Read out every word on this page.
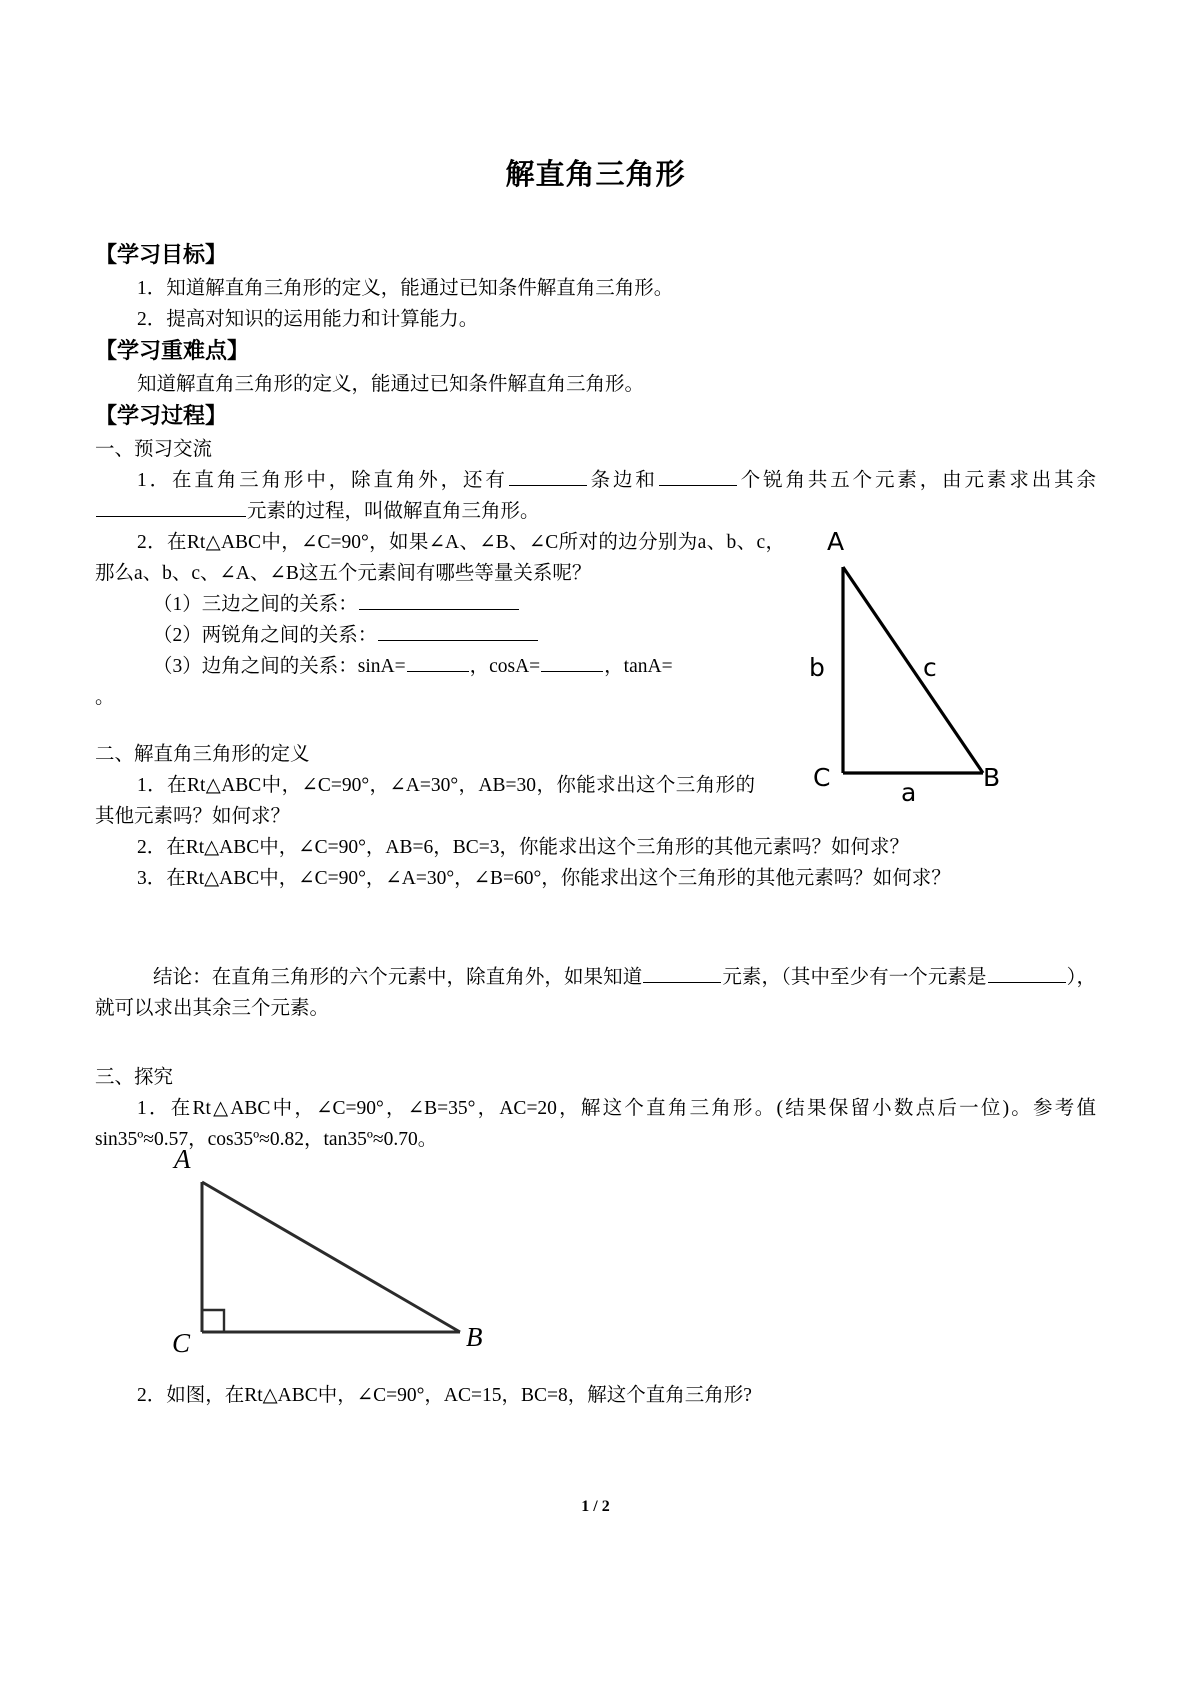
解直角三角形
【学习目标】

1．知道解直角三角形的定义，能通过已知条件解直角三角形。

2．提高对知识的运用能力和计算能力。

【学习重难点】

知道解直角三角形的定义，能通过已知条件解直角三角形。

【学习过程】

一、预习交流

1．在直角三角形中，除直角外，还有	条边和	个锐角共五个元素，由元素求出其余元素的过程，叫做解直角三角形。

2．在Rt△ABC中，∠C=90°，如果∠A、∠B、∠C所对的边分别为a、b、c，那么a、b、c、∠A、∠B这五个元素间有哪些等量关系呢？

（1）三边之间的关系：

（2）两锐角之间的关系：

（3）边角之间的关系：sinA=	，cosA=	，tanA=

。

二、解直角三角形的定义

1．在Rt△ABC中，∠C=90°，∠A=30°，AB=30，你能求出这个三角形的其他元素吗？如何求？

2．在Rt△ABC中，∠C=90°，AB=6，BC=3，你能求出这个三角形的其他元素吗？如何求？

3．在Rt△ABC中，∠C=90°，∠A=30°，∠B=60°，你能求出这个三角形的其他元素吗？如何求？

结论：在直角三角形的六个元素中，除直角外，如果知道	元素，（其中至少有一个元素是	），就可以求出其余三个元素。

三、探究

1．在Rt△ABC中，∠C=90°，∠B=35°，AC=20，解这个直角三角形。(结果保留小数点后一位)。参考值 sin35º≈0.57，cos35º≈0.82，tan35º≈0.70。

2．如图，在Rt△ABC中，∠C=90°，AC=15，BC=8，解这个直角三角形?

A
C	B
b	c
a
A
C	B
1 / 2
